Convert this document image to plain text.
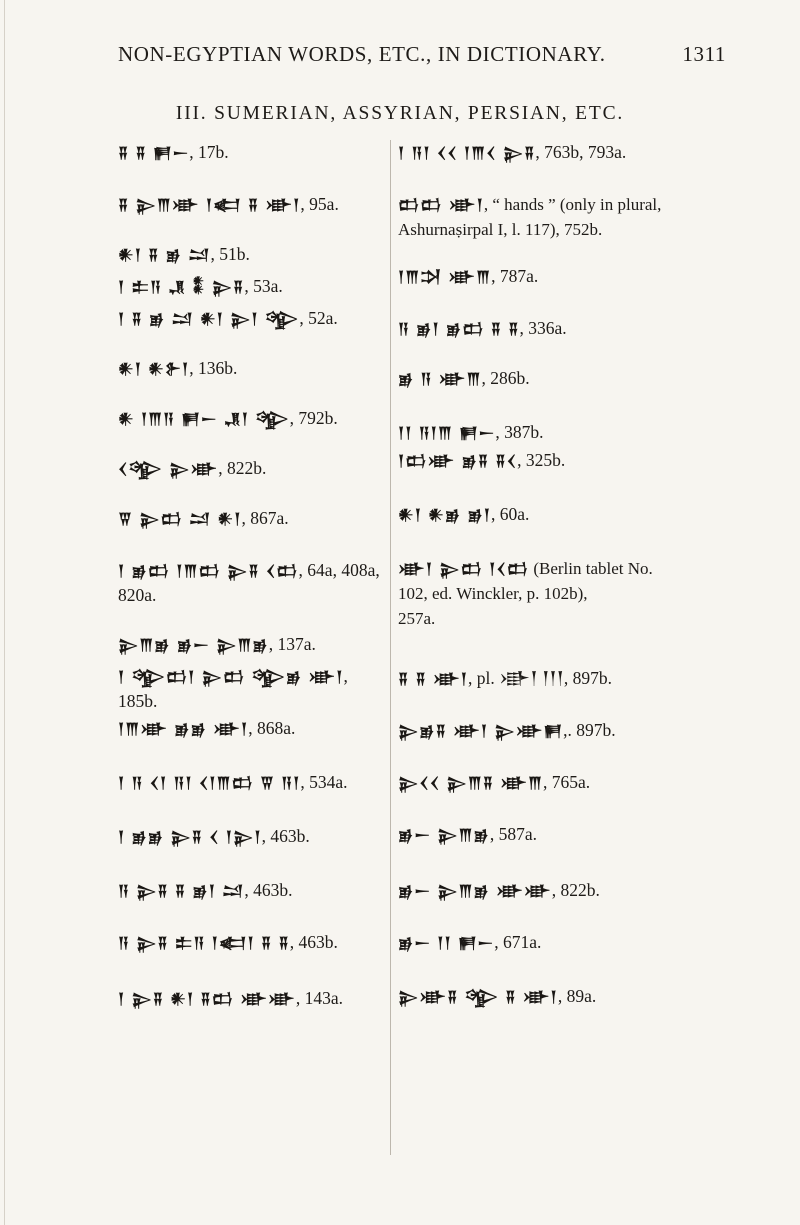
NON-EGYPTIAN WORDS, ETC., IN DICTIONARY.	1311
III. SUMERIAN, ASSYRIAN, PERSIAN, ETC.
𒐉 𒐉 𒂍𒀸, 17b.
𒐉 𒉌𒐈𒀝 𒁹𒅗 𒐉 𒀝𒁹, 95a.
𒀭𒁹 𒐉 𒂊 𒁺, 51b.
𒁹 𒉺𒀀 𒂗 𒀮 𒉌𒐉, 53a.
𒁹 𒐉 𒂊 𒁺 𒀭𒁹 𒉌𒁹 𒄊, 52a.
𒀭𒁹 𒀭𒉿𒁹, 136b.
𒀭 𒁹𒐈𒀀 𒂍𒀸 𒂗𒁹 𒄊, 792b.
𒌋𒄊 𒉌𒀝, 822b.
𒐊 𒉌𒆗 𒁺 𒀭𒁹, 867a.
𒁹 𒂊𒆗 𒁹𒐈𒆗 𒉌𒐉 𒌋𒆗, 64a, 408a,
820a.
𒉌𒐈𒂊 𒂊𒀸 𒉌𒐈𒂊, 137a.
𒁹 𒄊𒆗𒁹 𒉌𒆗 𒄊𒂊 𒀝𒁹, 185b.
𒁹𒐈𒀝 𒂊𒂊 𒀝𒁹, 868a.
𒁹 𒀀 𒌋𒁹 𒀀𒁹 𒌋𒁹𒐈𒆗 𒐊 𒀀𒁹, 534a.
𒁹 𒂊𒂊 𒉌𒐉 𒌋 𒁹𒉌𒁹, 463b.
𒀀 𒉌𒐉 𒐉 𒂊𒁹 𒁺, 463b.
𒀀 𒉌𒐉 𒉺𒀀 𒁹𒅗𒁹 𒐉 𒐉, 463b.
𒁹 𒉌𒐉 𒀭𒁹 𒐉𒆗 𒀝𒀝, 143a.
𒁹 𒀀𒁹 𒌋𒌋 𒁹𒐈𒌋 𒉌𒐉, 763b, 793a.
𒆗𒆗 𒀝𒁹, “ hands ” (only in plural,
Ashurnaṣirpal I, l. 117), 752b.
𒁹𒐈𒋫 𒀝𒐈, 787a.
𒀀 𒂊𒁹 𒂊𒆗 𒐉 𒐉, 336a.
𒂊 𒀀 𒀝𒐈, 286b.
𒁹𒁹 𒀀𒁹𒐈 𒂍𒀸, 387b.
𒁹𒆗𒀝 𒂊𒐉 𒐉𒌋, 325b.
𒀭𒁹 𒀭𒂊 𒂊𒁹, 60a.
𒀝𒁹 𒉌𒆗 𒁹𒌋𒆗 (Berlin tablet No.
102, ed. Winckler, p. 102b),
257a.
𒐉 𒐉 𒀝𒁹, pl. 𒀝𒁹 𒁹𒁹𒁹, 897b.
𒉌𒂊𒐉 𒀝𒁹 𒉌𒀝𒂍,. 897b.
𒉌𒌋𒌋 𒉌𒐈𒐉 𒀝𒐈, 765a.
𒂊𒀸 𒉌𒐈𒂊, 587a.
𒂊𒀸 𒉌𒐈𒂊 𒀝𒀝, 822b.
𒂊𒀸 𒁹𒁹 𒂍𒀸, 671a.
𒉌𒀝𒐉 𒄊 𒐉 𒀝𒁹, 89a.
